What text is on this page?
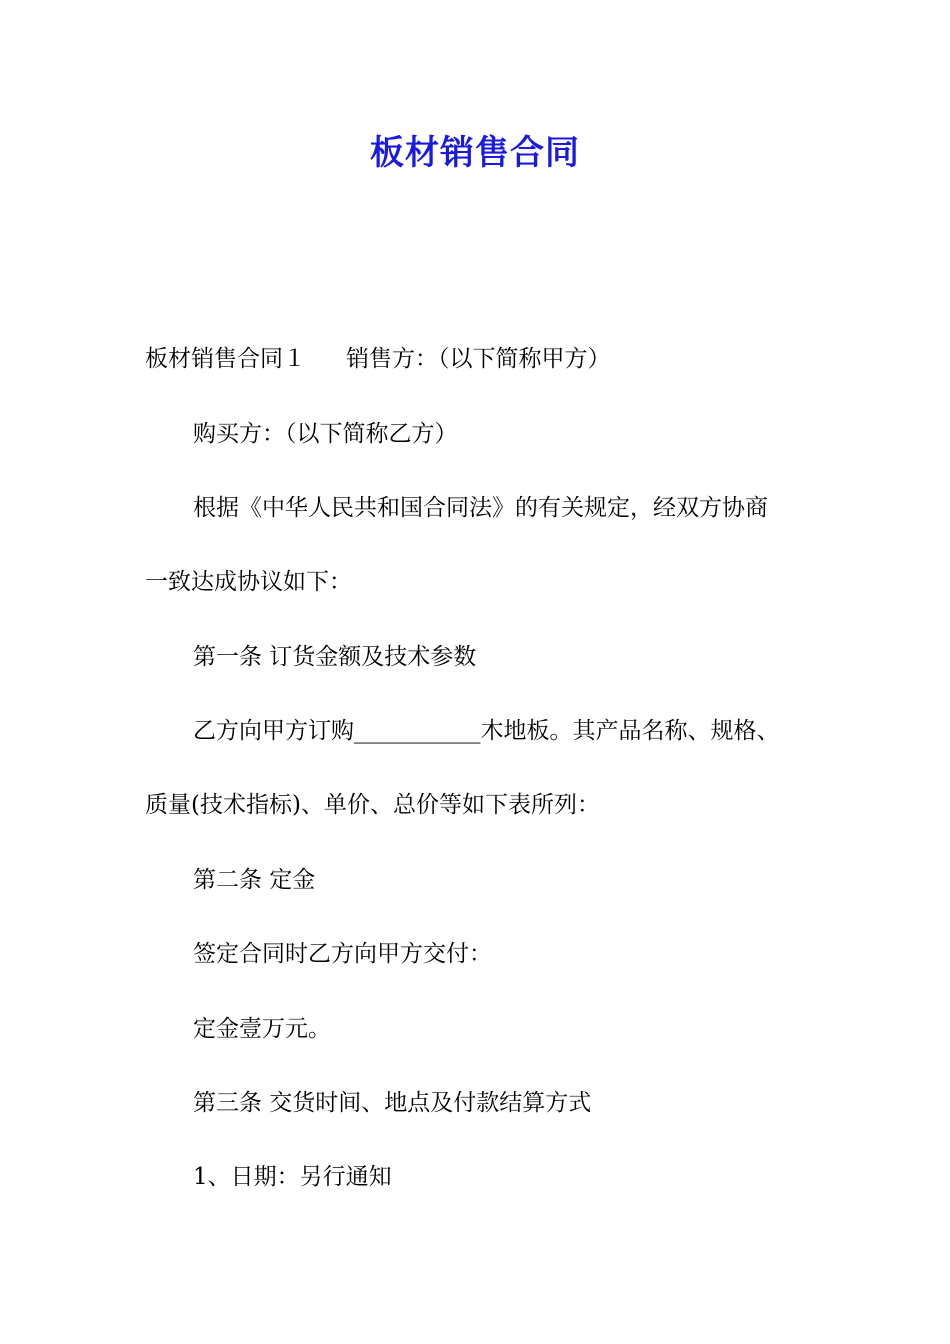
板材销售合同
板材销售合同１ 销售方：（以下简称甲方）
购买方：（以下简称乙方）
根据《中华人民共和国合同法》的有关规定，经双方协商
一致达成协议如下：
第一条 订货金额及技术参数
乙方向甲方订购___________木地板。其产品名称、规格、
质量(技术指标)、单价、总价等如下表所列：
第二条 定金
签定合同时乙方向甲方交付：
定金壹万元。
第三条 交货时间、地点及付款结算方式
1、日期：另行通知
